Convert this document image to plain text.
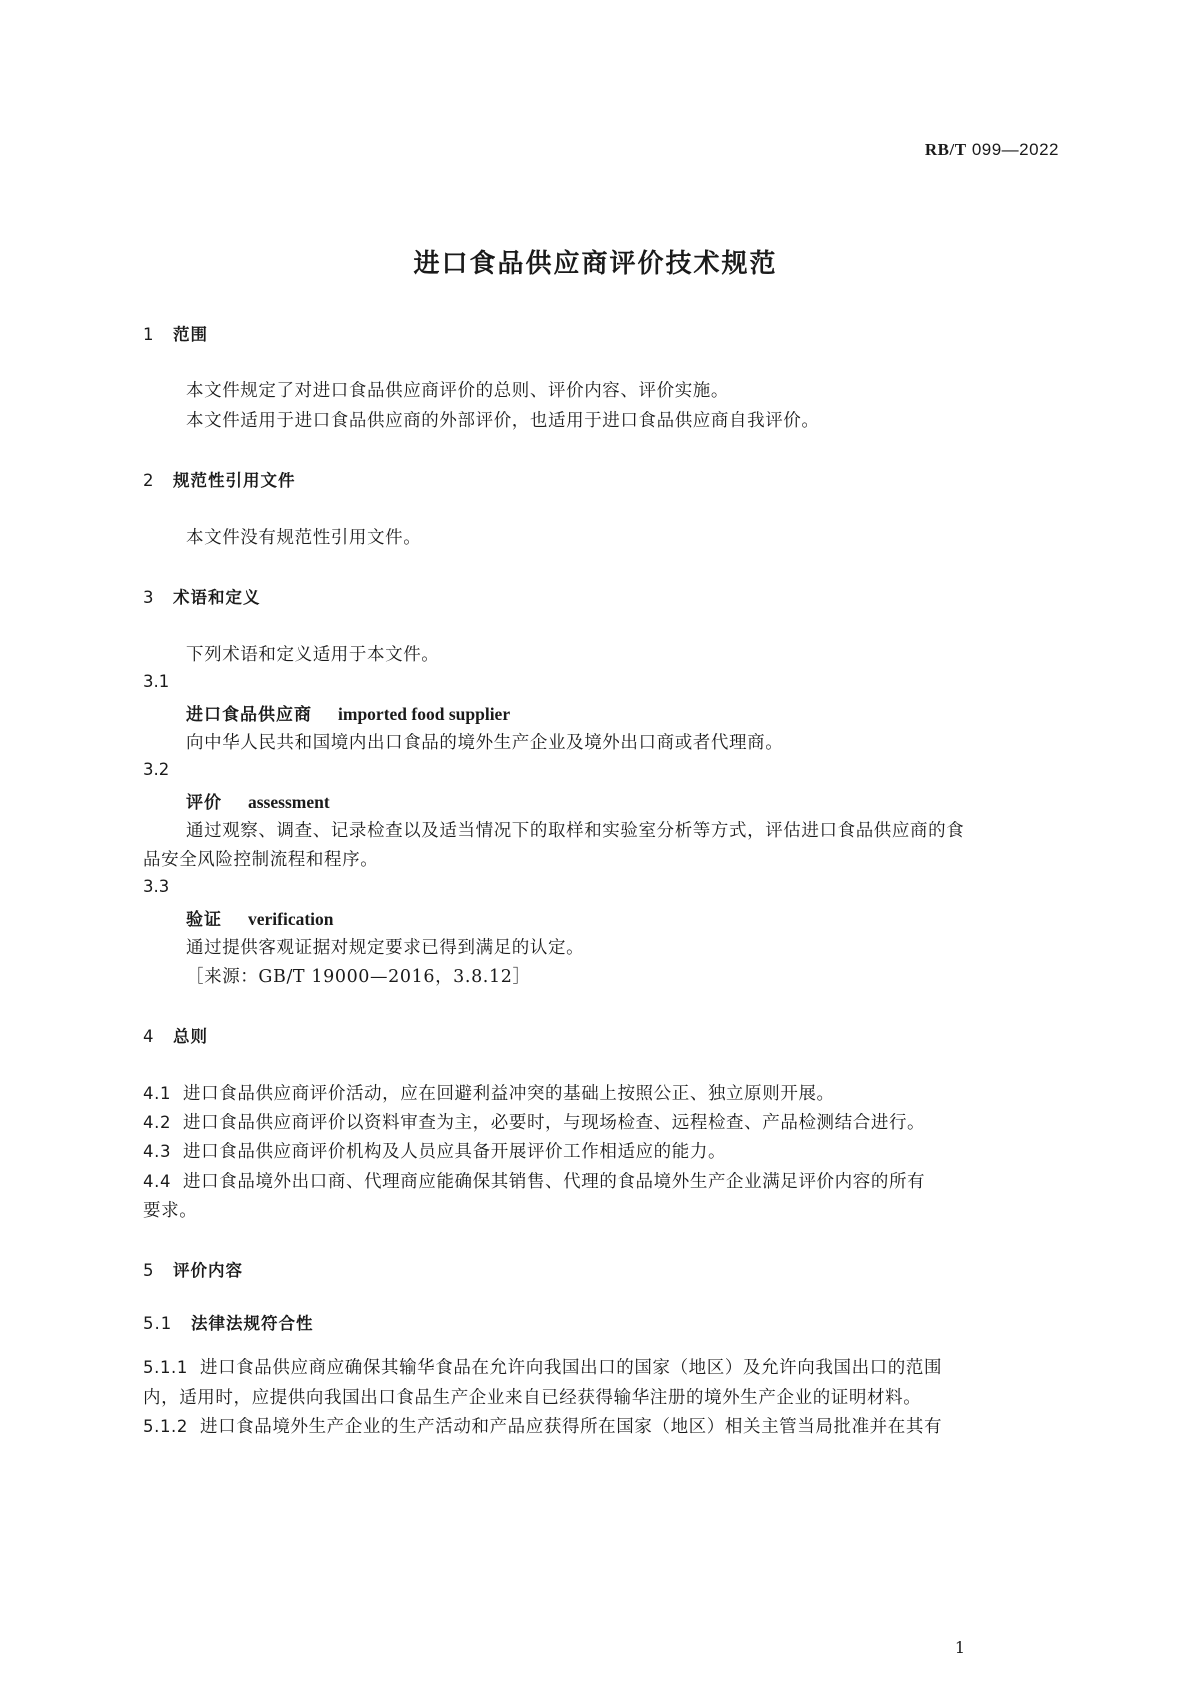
RB/T 099—2022
进口食品供应商评价技术规范
1 范围
本文件规定了对进口食品供应商评价的总则、评价内容、评价实施。
本文件适用于进口食品供应商的外部评价，也适用于进口食品供应商自我评价。
2 规范性引用文件
本文件没有规范性引用文件。
3 术语和定义
下列术语和定义适用于本文件。
3.1
进口食品供应商 imported food supplier
向中华人民共和国境内出口食品的境外生产企业及境外出口商或者代理商。
3.2
评价 assessment
通过观察、调查、记录检查以及适当情况下的取样和实验室分析等方式，评估进口食品供应商的食
品安全风险控制流程和程序。
3.3
验证 verification
通过提供客观证据对规定要求已得到满足的认定。
［来源：GB/T 19000—2016，3.8.12］
4 总则
4.1 进口食品供应商评价活动，应在回避利益冲突的基础上按照公正、独立原则开展。
4.2 进口食品供应商评价以资料审查为主，必要时，与现场检查、远程检查、产品检测结合进行。
4.3 进口食品供应商评价机构及人员应具备开展评价工作相适应的能力。
4.4 进口食品境外出口商、代理商应能确保其销售、代理的食品境外生产企业满足评价内容的所有
要求。
5 评价内容
5.1 法律法规符合性
5.1.1 进口食品供应商应确保其输华食品在允许向我国出口的国家（地区）及允许向我国出口的范围
内，适用时，应提供向我国出口食品生产企业来自已经获得输华注册的境外生产企业的证明材料。
5.1.2 进口食品境外生产企业的生产活动和产品应获得所在国家（地区）相关主管当局批准并在其有
1
